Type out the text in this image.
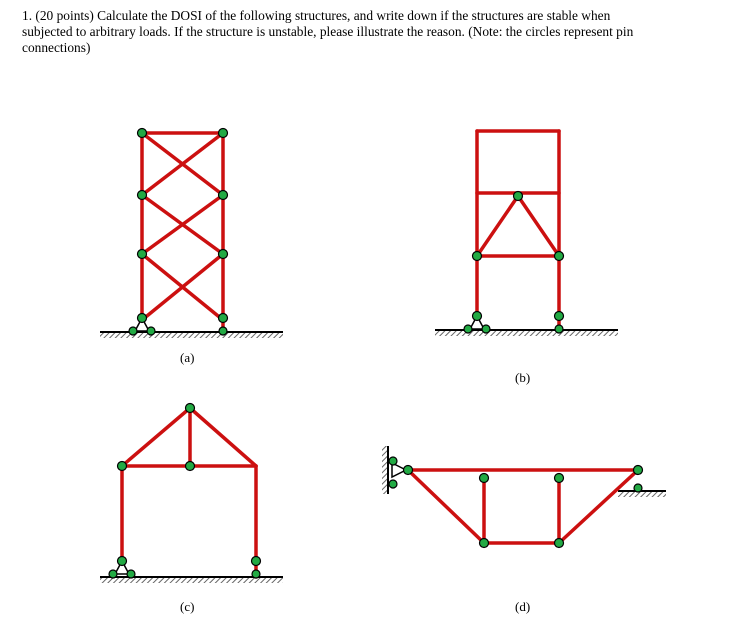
1. (20 points) Calculate the DOSI of the following structures, and write down if the structures are stable when
subjected to arbitrary loads. If the structure is unstable, please illustrate the reason. (Note: the circles represent pin
connections)
(a)
(b)
(c)	(d)
